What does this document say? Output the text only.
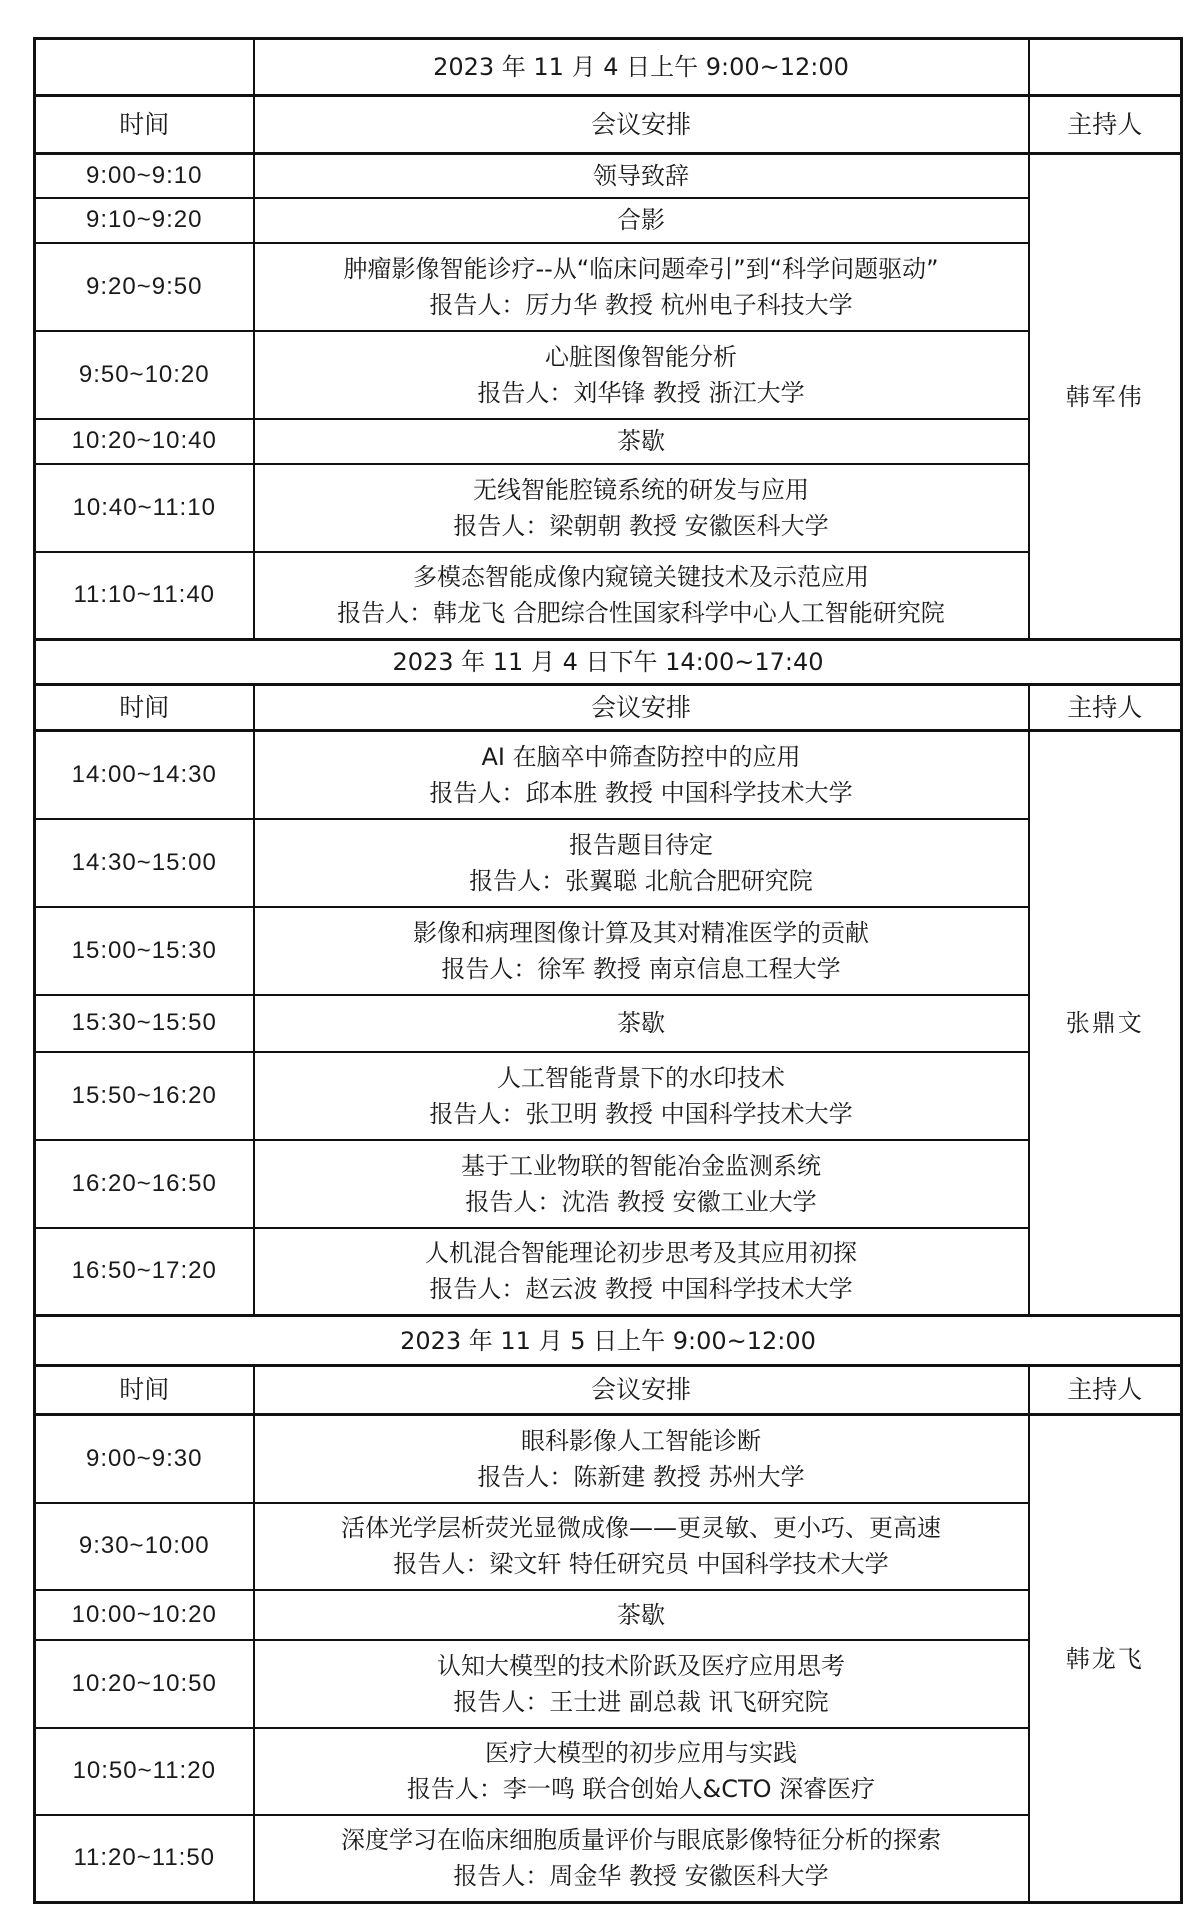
	2023 年 11 月 4 日上午 9:00~12:00	
时间	会议安排	主持人
9:00~9:10	领导致辞	韩军伟
9:10~9:20	合影	

9:20~9:50	肿瘤影像智能诊疗--从“临床问题牵引”到“科学问题驱动”
报告人：厉力华 教授 杭州电子科技大学	

9:50~10:20	心脏图像智能分析
报告人：刘华锋 教授 浙江大学	

10:20~10:40	茶歇	

10:40~11:10	无线智能腔镜系统的研发与应用
报告人：梁朝朝 教授 安徽医科大学	

11:10~11:40	多模态智能成像内窥镜关键技术及示范应用
报告人：韩龙飞 合肥综合性国家科学中心人工智能研究院	

2023 年 11 月 4 日下午 14:00~17:40		
时间	会议安排	主持人
14:00~14:30	AI 在脑卒中筛查防控中的应用
报告人：邱本胜 教授 中国科学技术大学	张鼎文
14:30~15:00	报告题目待定
报告人：张翼聪 北航合肥研究院	

15:00~15:30	影像和病理图像计算及其对精准医学的贡献
报告人：徐军 教授 南京信息工程大学	

15:30~15:50	茶歇	

15:50~16:20	人工智能背景下的水印技术
报告人：张卫明 教授 中国科学技术大学	

16:20~16:50	基于工业物联的智能冶金监测系统
报告人：沈浩 教授 安徽工业大学	

16:50~17:20	人机混合智能理论初步思考及其应用初探
报告人：赵云波 教授 中国科学技术大学	

2023 年 11 月 5 日上午 9:00~12:00		
时间	会议安排	主持人
9:00~9:30	眼科影像人工智能诊断
报告人：陈新建 教授 苏州大学	韩龙飞
9:30~10:00	活体光学层析荧光显微成像——更灵敏、更小巧、更高速
报告人：梁文轩 特任研究员 中国科学技术大学	

10:00~10:20	茶歇	

10:20~10:50	认知大模型的技术阶跃及医疗应用思考
报告人：王士进 副总裁 讯飞研究院	

10:50~11:20	医疗大模型的初步应用与实践
报告人：李一鸣 联合创始人&CTO 深睿医疗	

11:20~11:50	深度学习在临床细胞质量评价与眼底影像特征分析的探索
报告人：周金华 教授 安徽医科大学	
